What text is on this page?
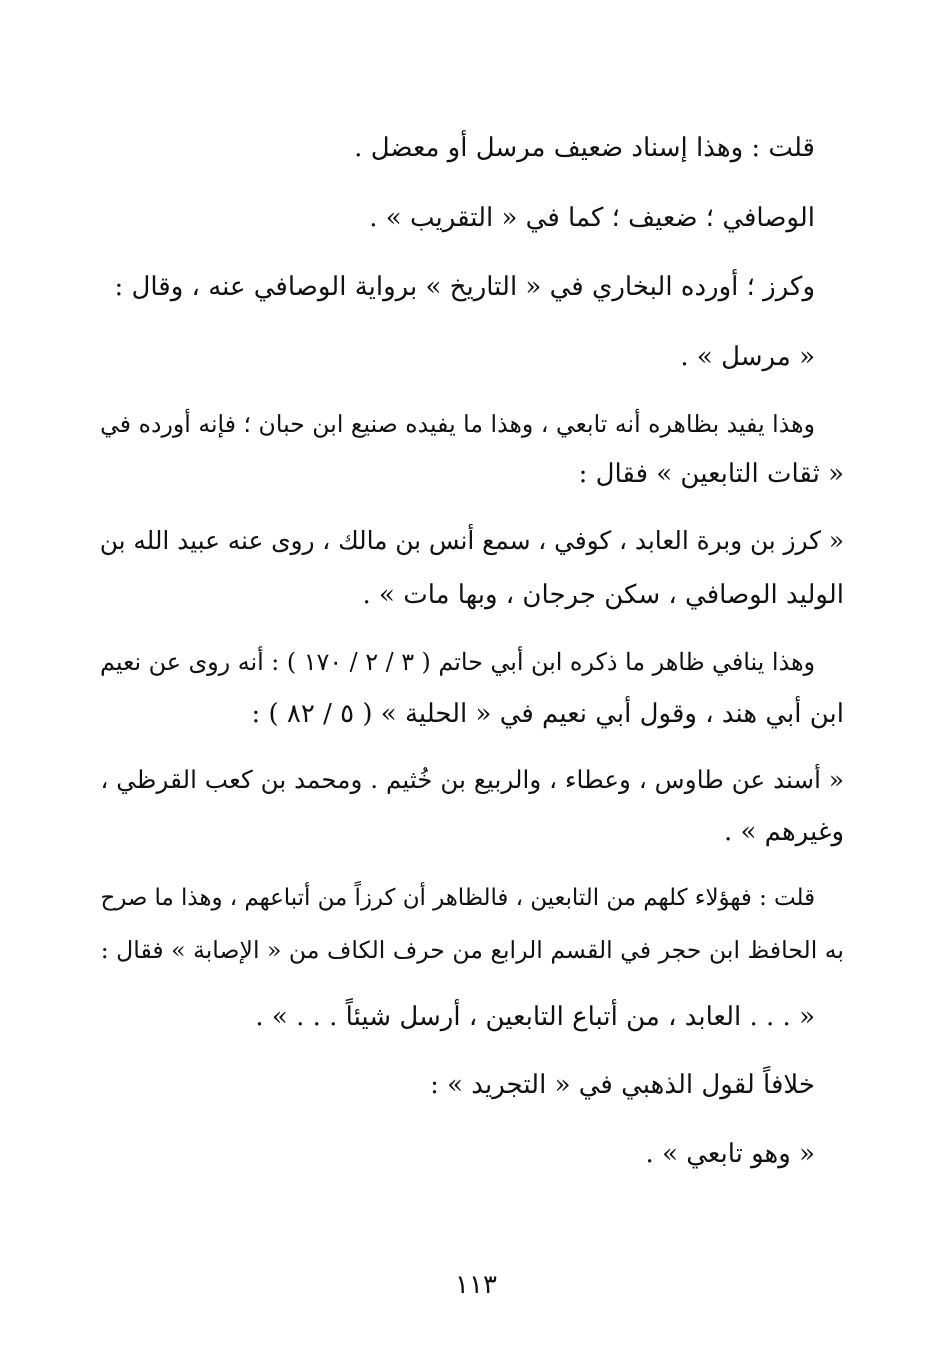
قلت : وهذا إسناد ضعيف مرسل أو معضل .
الوصافي ؛ ضعيف ؛ كما في « التقريب » .
وكرز ؛ أورده البخاري في « التاريخ » برواية الوصافي عنه ، وقال :
« مرسل » .
وهذا يفيد بظاهره أنه تابعي ، وهذا ما يفيده صنيع ابن حبان ؛ فإنه أورده في
« ثقات التابعين » فقال :
« كرز بن وبرة العابد ، كوفي ، سمع أنس بن مالك ، روى عنه عبيد الله بن
الوليد الوصافي ، سكن جرجان ، وبها مات » .
وهذا ينافي ظاهر ما ذكره ابن أبي حاتم ( ٣ / ٢ / ١٧٠ ) : أنه روى عن نعيم
ابن أبي هند ، وقول أبي نعيم في « الحلية » ( ٥ / ٨٢ ) :
« أسند عن طاوس ، وعطاء ، والربيع بن خُثيم . ومحمد بن كعب القرظي ،
وغيرهم » .
قلت : فهؤلاء كلهم من التابعين ، فالظاهر أن كرزاً من أتباعهم ، وهذا ما صرح
به الحافظ ابن حجر في القسم الرابع من حرف الكاف من « الإصابة » فقال :
« . . . العابد ، من أتباع التابعين ، أرسل شيئاً . . . » .
خلافاً لقول الذهبي في « التجريد » :
« وهو تابعي » .
١١٣
